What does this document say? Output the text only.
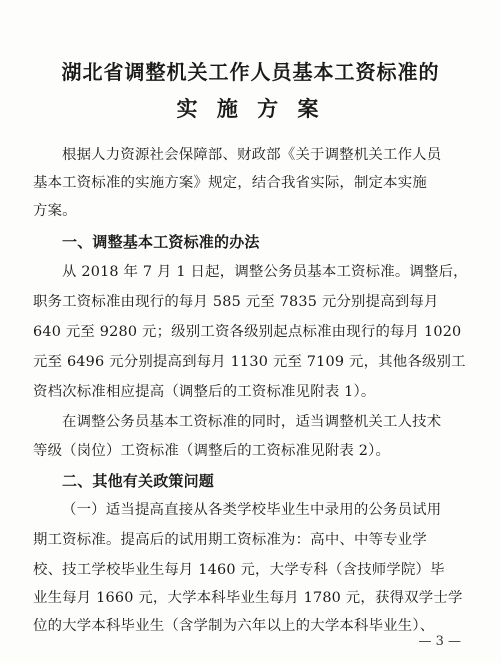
湖北省调整机关工作人员基本工资标准的
实 施 方 案
根据人力资源社会保障部、财政部《关于调整机关工作人员
基本工资标准的实施方案》规定，结合我省实际，制定本实施
方案。
一、调整基本工资标准的办法
从 2018 年 7 月 1 日起，调整公务员基本工资标准。调整后，
职务工资标准由现行的每月 585 元至 7835 元分别提高到每月
640 元至 9280 元；级别工资各级别起点标准由现行的每月 1020
元至 6496 元分别提高到每月 1130 元至 7109 元，其他各级别工
资档次标准相应提高（调整后的工资标准见附表 1）。
在调整公务员基本工资标准的同时，适当调整机关工人技术
等级（岗位）工资标准（调整后的工资标准见附表 2）。
二、其他有关政策问题
（一）适当提高直接从各类学校毕业生中录用的公务员试用
期工资标准。提高后的试用期工资标准为：高中、中等专业学
校、技工学校毕业生每月 1460 元，大学专科（含技师学院）毕
业生每月 1660 元，大学本科毕业生每月 1780 元，获得双学士学
位的大学本科毕业生（含学制为六年以上的大学本科毕业生）、
— 3 —
